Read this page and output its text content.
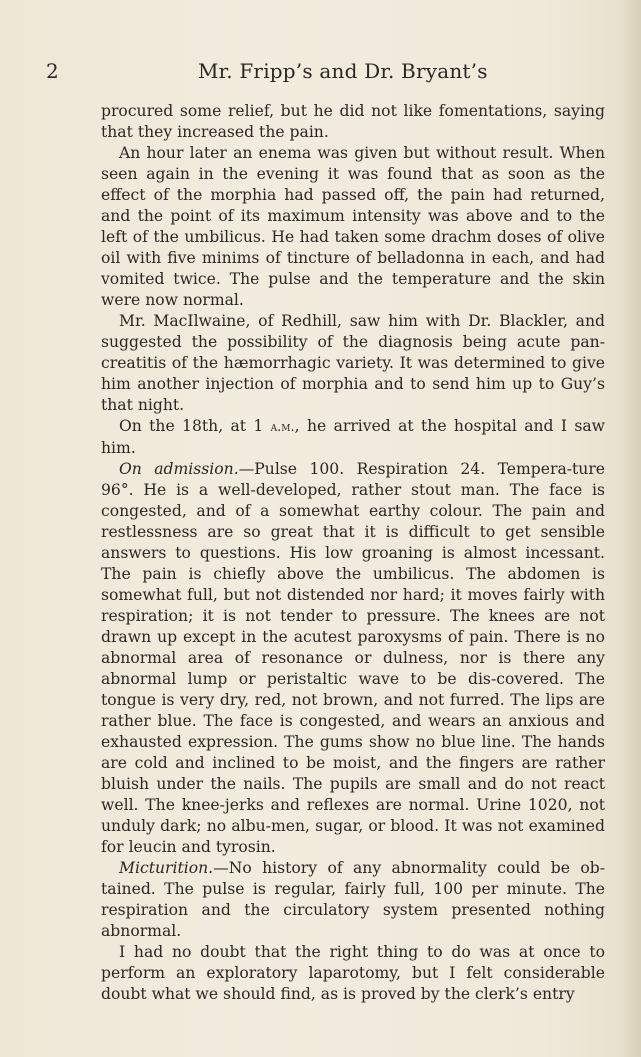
2	Mr. Fripp’s and Dr. Bryant’s

procured some relief, but he did not like fomentations, saying that they increased the pain.

An hour later an enema was given but without result. When seen again in the evening it was found that as soon as the effect of the morphia had passed off, the pain had returned, and the point of its maximum intensity was above and to the left of the umbilicus. He had taken some drachm doses of olive oil with five minims of tincture of belladonna in each, and had vomited twice. The pulse and the temperature and the skin were now normal.

Mr. MacIlwaine, of Redhill, saw him with Dr. Blackler, and suggested the possibility of the diagnosis being acute pan-creatitis of the hæmorrhagic variety. It was determined to give him another injection of morphia and to send him up to Guy’s that night.

On the 18th, at 1 a.m., he arrived at the hospital and I saw him.

On admission.—Pulse 100. Respiration 24. Tempera-ture 96°. He is a well-developed, rather stout man. The face is congested, and of a somewhat earthy colour. The pain and restlessness are so great that it is difficult to get sensible answers to questions. His low groaning is almost incessant. The pain is chiefly above the umbilicus. The abdomen is somewhat full, but not distended nor hard; it moves fairly with respiration; it is not tender to pressure. The knees are not drawn up except in the acutest paroxysms of pain. There is no abnormal area of resonance or dulness, nor is there any abnormal lump or peristaltic wave to be dis-covered. The tongue is very dry, red, not brown, and not furred. The lips are rather blue. The face is congested, and wears an anxious and exhausted expression. The gums show no blue line. The hands are cold and inclined to be moist, and the fingers are rather bluish under the nails. The pupils are small and do not react well. The knee-jerks and reflexes are normal. Urine 1020, not unduly dark; no albu-men, sugar, or blood. It was not examined for leucin and tyrosin.

Micturition.—No history of any abnormality could be ob-tained. The pulse is regular, fairly full, 100 per minute. The respiration and the circulatory system presented nothing abnormal.

I had no doubt that the right thing to do was at once to perform an exploratory laparotomy, but I felt considerable doubt what we should find, as is proved by the clerk’s entry
